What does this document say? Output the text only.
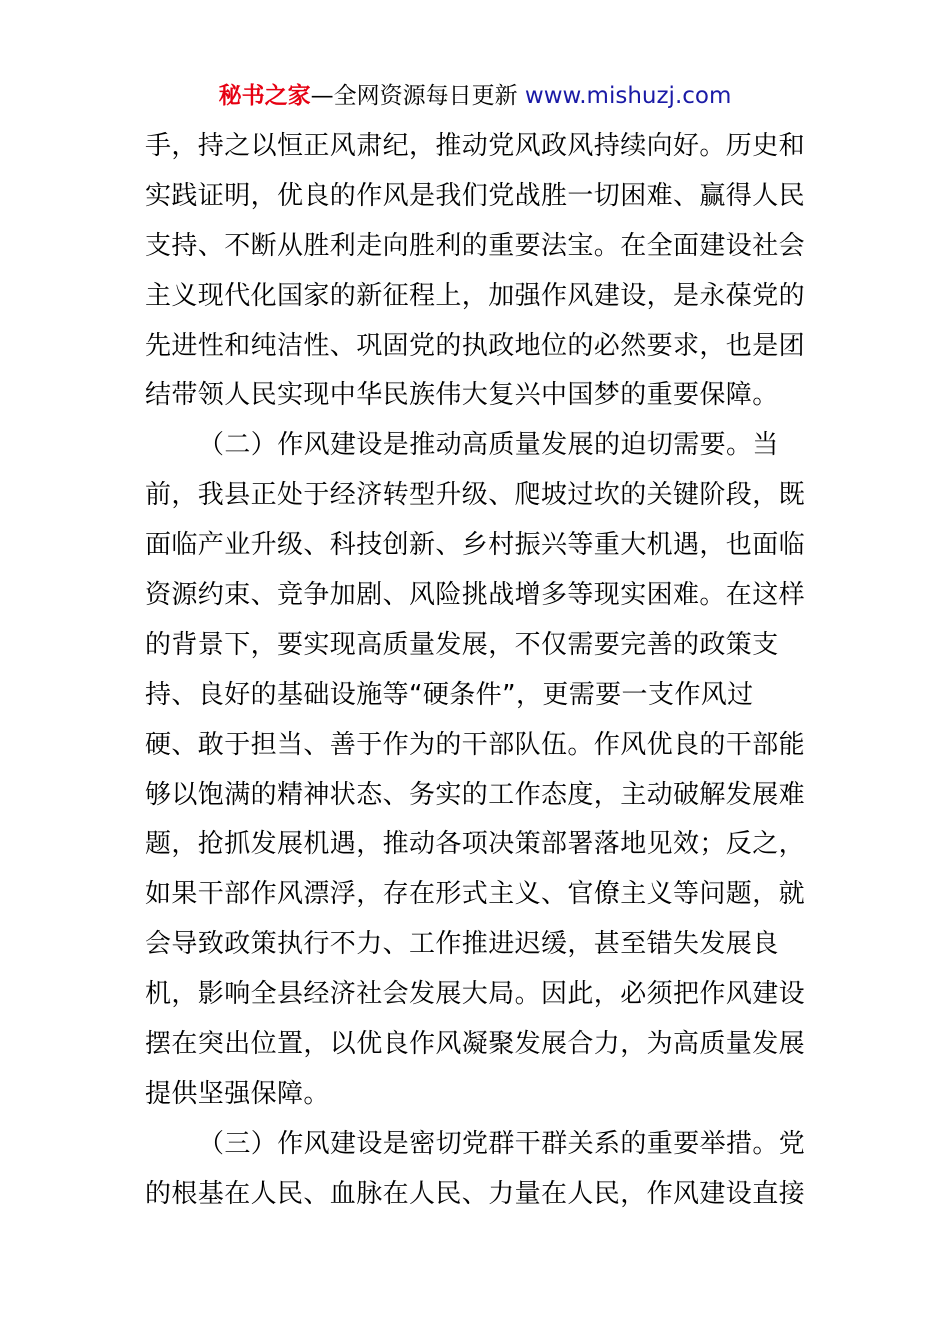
秘书之家—全网资源每日更新 www.mishuzj.com
手，持之以恒正风肃纪，推动党风政风持续向好。历史和
实践证明，优良的作风是我们党战胜一切困难、赢得人民
支持、不断从胜利走向胜利的重要法宝。在全面建设社会
主义现代化国家的新征程上，加强作风建设，是永葆党的
先进性和纯洁性、巩固党的执政地位的必然要求，也是团
结带领人民实现中华民族伟大复兴中国梦的重要保障。
（二）作风建设是推动高质量发展的迫切需要。当
前，我县正处于经济转型升级、爬坡过坎的关键阶段，既
面临产业升级、科技创新、乡村振兴等重大机遇，也面临
资源约束、竞争加剧、风险挑战增多等现实困难。在这样
的背景下，要实现高质量发展，不仅需要完善的政策支
持、良好的基础设施等“硬条件”，更需要一支作风过
硬、敢于担当、善于作为的干部队伍。作风优良的干部能
够以饱满的精神状态、务实的工作态度，主动破解发展难
题，抢抓发展机遇，推动各项决策部署落地见效；反之，
如果干部作风漂浮，存在形式主义、官僚主义等问题，就
会导致政策执行不力、工作推进迟缓，甚至错失发展良
机，影响全县经济社会发展大局。因此，必须把作风建设
摆在突出位置，以优良作风凝聚发展合力，为高质量发展
提供坚强保障。
（三）作风建设是密切党群干群关系的重要举措。党
的根基在人民、血脉在人民、力量在人民，作风建设直接
